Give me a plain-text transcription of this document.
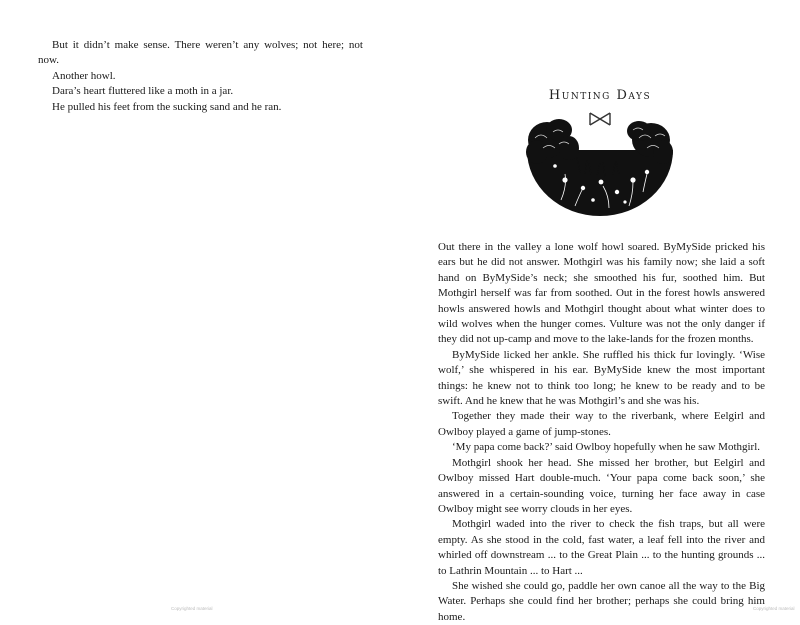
But it didn’t make sense. There weren’t any wolves; not here; not now.

Another howl.

Dara’s heart fluttered like a moth in a jar.

He pulled his feet from the sucking sand and he ran.

Copyrighted material
Hunting Days

Out there in the valley a lone wolf howl soared. ByMySide pricked his ears but he did not answer. Mothgirl was his family now; she laid a soft hand on ByMySide’s neck; she smoothed his fur, soothed him. But Mothgirl herself was far from soothed. Out in the forest howls answered howls answered howls and Mothgirl thought about what winter does to wild wolves when the hunger comes. Vulture was not the only danger if they did not up-camp and move to the lake-lands for the frozen months.

ByMySide licked her ankle. She ruffled his thick fur lovingly. ‘Wise wolf,’ she whispered in his ear. ByMySide knew the most important things: he knew not to think too long; he knew to be ready and to be swift. And he knew that he was Mothgirl’s and she was his.

Together they made their way to the riverbank, where Eelgirl and Owlboy played a game of jump-stones.

‘My papa come back?’ said Owlboy hopefully when he saw Mothgirl.

Mothgirl shook her head. She missed her brother, but Eelgirl and Owlboy missed Hart double-much. ‘Your papa come back soon,’ she answered in a certain-sounding voice, turning her face away in case Owlboy might see worry clouds in her eyes.

Mothgirl waded into the river to check the fish traps, but all were empty. As she stood in the cold, fast water, a leaf fell into the river and whirled off downstream ... to the Great Plain ... to the hunting grounds ... to Lathrin Mountain ... to Hart ...

She wished she could go, paddle her own canoe all the way to the Big Water. Perhaps she could find her brother; perhaps she could bring him home.

Copyrighted material
